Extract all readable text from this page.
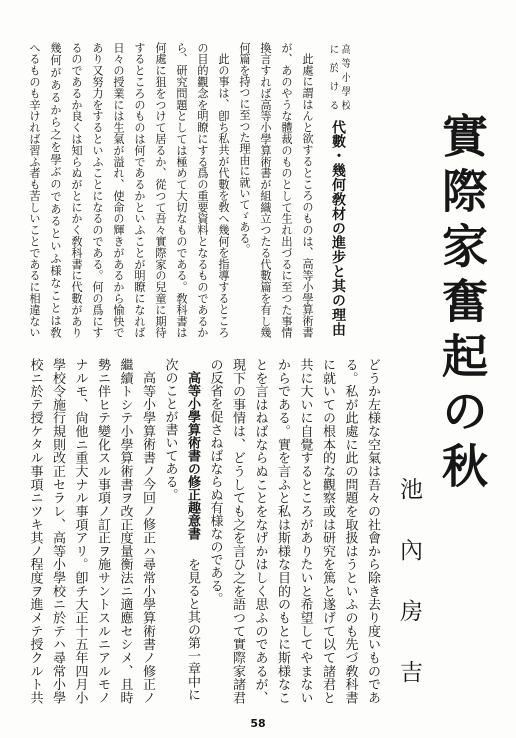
實際家奮起の秋
池內房吉
高等小學校
に於ける
代數・幾何敎材の進步と其の理由
此處に謂はんと欲するところのものは、高等小學算術書
が、あのやうな體裁のものとして生れ出づるに至つた事情
換言すれば高等小學算術書が組織立つたる代數篇を有し幾
何篇を持つに至つた理由に就いてゞある。
此の事は、卽ち私共が代數を敎へ幾何を指導するところ
の目的觀念を明瞭にする爲の重要資料となるものであるか
ら、研究問題としては極めて大切なものである。敎科書は
何處に狙をつけて居るか、從つて吾々實際家の兒童に期待
するところのものは何であるかといふことが明瞭になれば
日々の授業には生氣が溢れ、使命の輝きがあるから愉快で
あり又努力をするといふことになるのである。何の爲にす
るのであるか良くは知らぬがとにかく敎科書に代數があり
幾何があるから之を學ぶのであるといふ様なことは敎
へるものも辛ければ習ふ者も苦しいことであるに相違ない
どうか左様な空氣は吾々の社會から除き去り度いものであ
る。私が此處に此の問題を取扱はうといふのも先づ敎科書
に就いての根本的な觀察或は研究を篤と遂げて以て諸君と
共に大いに自覺するところがありたいと希望してやまない
からである。實を言ふと私は斯様な目的のもとに斯様なこ
とを言はねばならぬことをなげかはしく思ふのであるが、
現下の事情は、どうしても之を言ひ之を語つて實際家諸君
の反省を促さねばならぬ有様なのである。
高等小學算術書の修正趣意書を見ると其の第一章中に
次のことが書いてある。
高等小學算術書ノ今回ノ修正ハ尋常小學算術書ノ修正ノ
繼續トシテ小學算術書ヲ改正度量衡法ニ適應セシメ、且時
勢ニ伴ヒテ變化スル事項ノ訂正ヲ施サントスルニアルモノ
ナルモ、尙他ニ重大ナル事項アリ。卽チ大正十五年四月小
學校令施行規則改正セラレ、高等小學校ニ於テハ尋常小學
校ニ於テ授ケタル事項ニツキ其ノ程度ヲ進メテ授クルト共
58
